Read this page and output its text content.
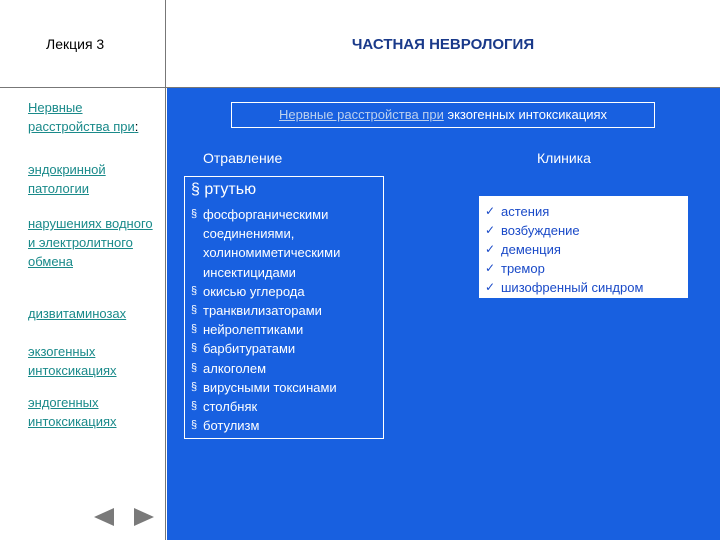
Лекция 3	ЧАСТНАЯ НЕВРОЛОГИЯ
Нервные расстройства при:
эндокринной патологии
нарушениях водного и электролитного обмена
дизвитаминозах
экзогенных интоксикациях
эндогенных интоксикациях
Нервные расстройства при экзогенных интоксикациях
Отравление	Клиника
§ ртутью
§ фосфорганическими соединениями, холиномиметическими инсектицидами
§ окисью углерода
§ транквилизаторами
§ нейролептиками
§ барбитуратами
§ алкоголем
§ вирусными токсинами
§ столбняк
§ ботулизм
✓ астения
✓ возбуждение
✓ деменция
✓ тремор
✓ шизофренный синдром
